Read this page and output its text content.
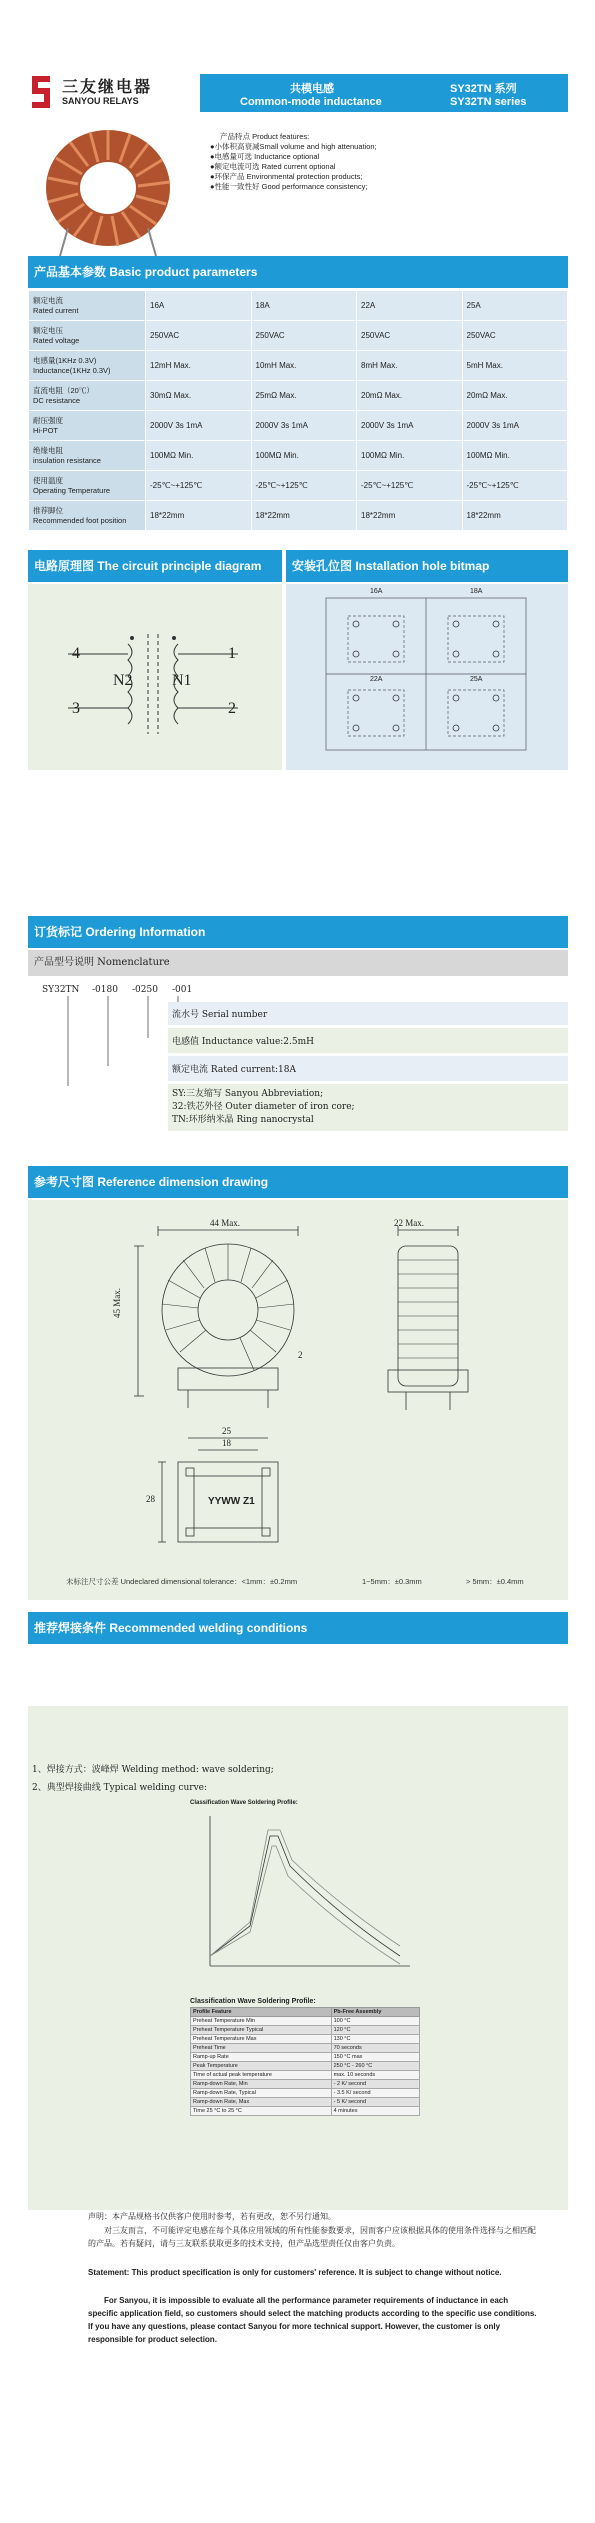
三友继电器
SANYOU RELAYS
共模电感
Common-mode inductance
SY32TN 系列
SY32TN series
产品特点 Product features:
●小体积高衰减Small volume and high attenuation;
●电感量可选 Inductance optional
●额定电流可选 Rated current optional
●环保产品 Environmental protection products;
●性能一致性好 Good performance consistency;
产品基本参数 Basic product parameters
额定电流
Rated current	16A	18A	22A	25A
额定电压
Rated voltage	250VAC	250VAC	250VAC	250VAC
电感量(1KHz 0.3V)
Inductance(1KHz 0.3V)	12mH Max.	10mH Max.	8mH Max.	5mH Max.
直流电阻（20℃）
DC resistance	30mΩ Max.	25mΩ Max.	20mΩ Max.	20mΩ Max.
耐压强度
Hi-POT	2000V 3s 1mA	2000V 3s 1mA	2000V 3s 1mA	2000V 3s 1mA
绝缘电阻
insulation resistance	100MΩ Min.	100MΩ Min.	100MΩ Min.	100MΩ Min.
使用温度
Operating Temperature	-25℃~+125℃	-25℃~+125℃	-25℃~+125℃	-25℃~+125℃
推荐脚位
Recommended foot position	18*22mm	18*22mm	18*22mm	18*22mm
电路原理图 The circuit principle diagram	安装孔位图 Installation hole bitmap
4	1
3	2
N2 N1
16A	18A
22A	25A
订货标记 Ordering Information
产品型号说明 Nomenclature
SY32TN -0180 -0250 -001
流水号 Serial number
电感值 Inductance value:2.5mH
额定电流 Rated current:18A
SY:三友缩写 Sanyou Abbreviation;
32:铁芯外径 Outer diameter of iron core;
TN:环形纳米晶 Ring nanocrystal
参考尺寸图 Reference dimension drawing
44 Max.	22 Max.
45 Max.
2
25
18
28	YYWW Z1
未标注尺寸公差 Undeclared dimensional tolerance：<1mm：±0.2mm	1~5mm：±0.3mm	> 5mm：±0.4mm
推荐焊接条件 Recommended welding conditions
1、焊接方式：波峰焊 Welding method: wave soldering;
2、典型焊接曲线 Typical welding curve:
Classification Wave Soldering Profile:
Classification Wave Soldering Profile:
Profile Feature	Pb-Free Assembly
Preheat Temperature Min	100 °C
Preheat Temperature Typical	120 °C
Preheat Temperature Max	130 °C
Preheat Time	70 seconds
Ramp-up Rate	150 °C max
Peak Temperature	250 °C - 260 °C
Time of actual peak temperature	max. 10 seconds
Ramp-down Rate, Min	- 2 K/ second
Ramp-down Rate, Typical	- 3.5 K/ second
Ramp-down Rate, Max	- 5 K/ second
Time 25 °C to 25 °C	4 minutes
声明：本产品规格书仅供客户使用时参考，若有更改，恕不另行通知。
对三友而言，不可能评定电感在每个具体应用领域的所有性能参数要求，因而客户应该根据具体的使用条件选择与之相匹配的产品。若有疑问，请与三友联系获取更多的技术支持，但产品选型责任仅由客户负责。
Statement: This product specification is only for customers' reference. It is subject to change without notice.
For Sanyou, it is impossible to evaluate all the performance parameter requirements of inductance in each specific application field, so customers should select the matching products according to the specific use conditions. If you have any questions, please contact Sanyou for more technical support. However, the customer is only responsible for product selection.
